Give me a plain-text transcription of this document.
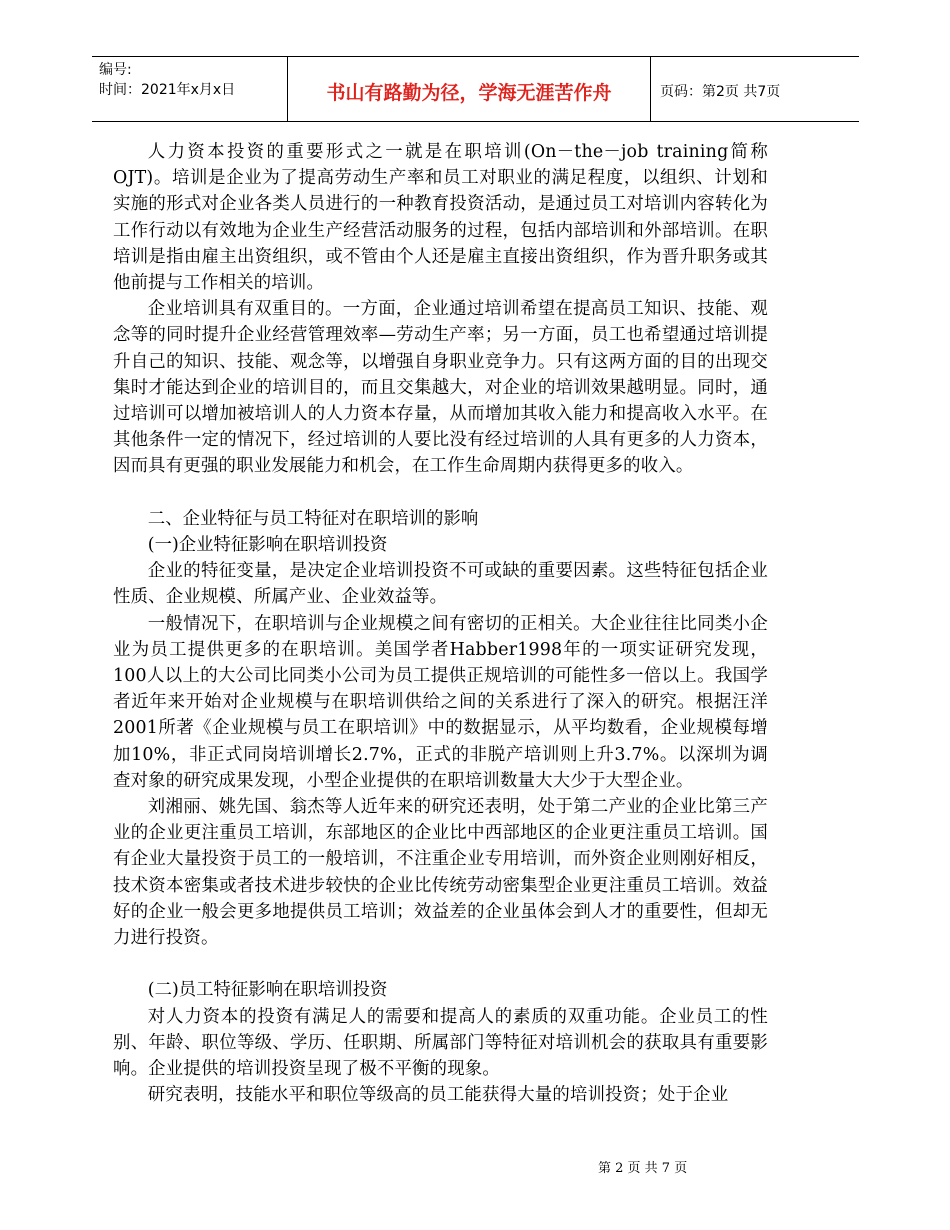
编号:
时间：2021年x月x日	书山有路勤为径，学海无涯苦作舟	页码：第2页 共7页

人力资本投资的重要形式之一就是在职培训(On－the－job training简称OJT)。培训是企业为了提高劳动生产率和员工对职业的满足程度，以组织、计划和实施的形式对企业各类人员进行的一种教育投资活动，是通过员工对培训内容转化为工作行动以有效地为企业生产经营活动服务的过程，包括内部培训和外部培训。在职培训是指由雇主出资组织，或不管由个人还是雇主直接出资组织，作为晋升职务或其他前提与工作相关的培训。

企业培训具有双重目的。一方面，企业通过培训希望在提高员工知识、技能、观念等的同时提升企业经营管理效率—劳动生产率；另一方面，员工也希望通过培训提升自己的知识、技能、观念等，以增强自身职业竞争力。只有这两方面的目的出现交集时才能达到企业的培训目的，而且交集越大，对企业的培训效果越明显。同时，通过培训可以增加被培训人的人力资本存量，从而增加其收入能力和提高收入水平。在其他条件一定的情况下，经过培训的人要比没有经过培训的人具有更多的人力资本，因而具有更强的职业发展能力和机会，在工作生命周期内获得更多的收入。

二、企业特征与员工特征对在职培训的影响

(一)企业特征影响在职培训投资

企业的特征变量，是决定企业培训投资不可或缺的重要因素。这些特征包括企业性质、企业规模、所属产业、企业效益等。

一般情况下，在职培训与企业规模之间有密切的正相关。大企业往往比同类小企业为员工提供更多的在职培训。美国学者Habber1998年的一项实证研究发现，100人以上的大公司比同类小公司为员工提供正规培训的可能性多一倍以上。我国学者近年来开始对企业规模与在职培训供给之间的关系进行了深入的研究。根据汪洋2001所著《企业规模与员工在职培训》中的数据显示，从平均数看，企业规模每增加10%，非正式同岗培训增长2.7%，正式的非脱产培训则上升3.7%。以深圳为调查对象的研究成果发现，小型企业提供的在职培训数量大大少于大型企业。

刘湘丽、姚先国、翁杰等人近年来的研究还表明，处于第二产业的企业比第三产业的企业更注重员工培训，东部地区的企业比中西部地区的企业更注重员工培训。国有企业大量投资于员工的一般培训，不注重企业专用培训，而外资企业则刚好相反，技术资本密集或者技术进步较快的企业比传统劳动密集型企业更注重员工培训。效益好的企业一般会更多地提供员工培训；效益差的企业虽体会到人才的重要性，但却无力进行投资。

(二)员工特征影响在职培训投资

对人力资本的投资有满足人的需要和提高人的素质的双重功能。企业员工的性别、年龄、职位等级、学历、任职期、所属部门等特征对培训机会的获取具有重要影响。企业提供的培训投资呈现了极不平衡的现象。

研究表明，技能水平和职位等级高的员工能获得大量的培训投资；处于企业

第 2 页 共 7 页
